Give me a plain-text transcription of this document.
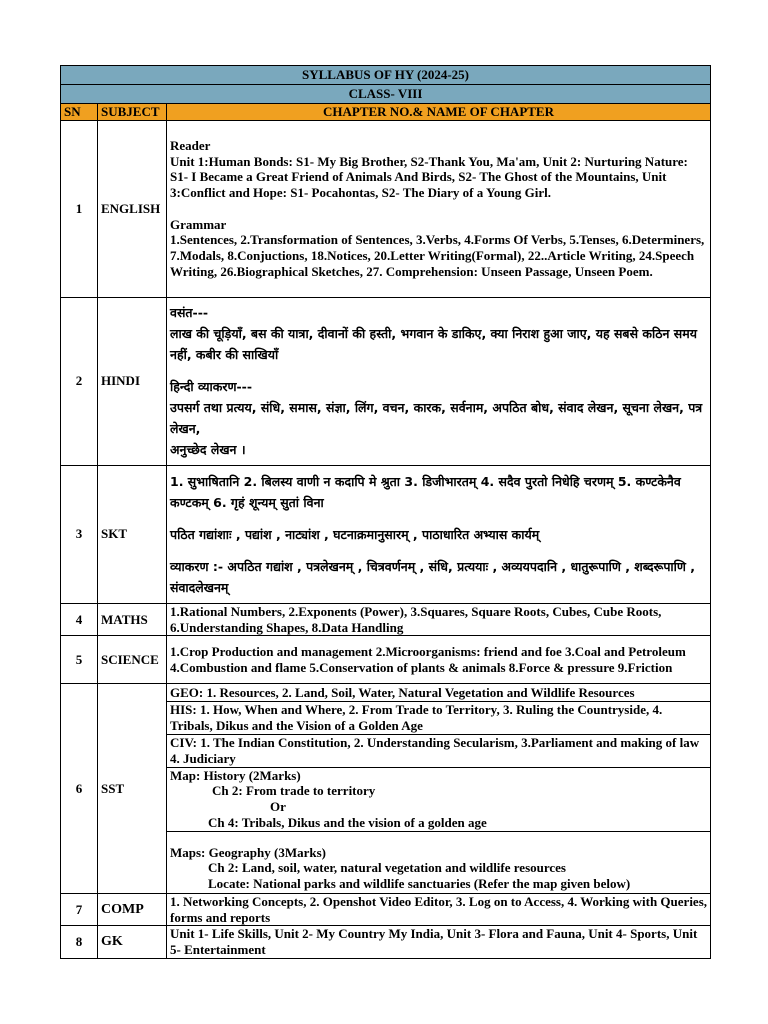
SYLLABUS OF HY (2024-25)		
CLASS- VIII		
SN	SUBJECT	CHAPTER NO.& NAME OF CHAPTER
1	ENGLISH	Reader
Unit 1:Human Bonds: S1- My Big Brother, S2-Thank You, Ma'am, Unit 2: Nurturing Nature: S1- I Became a Great Friend of Animals And Birds, S2- The Ghost of the Mountains, Unit 3:Conflict and Hope: S1- Pocahontas, S2- The Diary of a Young Girl.
Grammar
1.Sentences, 2.Transformation of Sentences, 3.Verbs, 4.Forms Of Verbs, 5.Tenses, 6.Determiners, 7.Modals, 8.Conjuctions, 18.Notices, 20.Letter Writing(Formal), 22..Article Writing, 24.Speech Writing, 26.Biographical Sketches, 27. Comprehension: Unseen Passage, Unseen Poem.

2	HINDI	वसंत---
लाख की चूड़ियाँ, बस की यात्रा, दीवानों की हस्ती, भगवान के डाकिए, क्या निराश हुआ जाए, यह सबसे कठिन समय नहीं, कबीर की साखियाँ
हिन्दी व्याकरण---
उपसर्ग तथा प्रत्यय, संधि, समास, संज्ञा, लिंग, वचन, कारक, सर्वनाम, अपठित बोध, संवाद लेखन, सूचना लेखन, पत्र लेखन,
अनुच्छेद लेखन ।

3	SKT	1. सुभाषितानि 2. बिलस्य वाणी न कदापि मे श्रुता 3. डिजीभारतम् 4. सदैव पुरतो निधेहि चरणम् 5. कण्टकेनैव कण्टकम् 6. गृहं शून्यम् सुतां विना
पठित गद्यांशाः , पद्यांश , नाट्यांश , घटनाक्रमानुसारम् , पाठाधारित अभ्यास कार्यम्
व्याकरण :- अपठित गद्यांश , पत्रलेखनम् , चित्रवर्णनम् , संधि, प्रत्ययाः , अव्ययपदानि , धातुरूपाणि , शब्दरूपाणि , संवादलेखनम्

4	MATHS	1.Rational Numbers, 2.Exponents (Power), 3.Squares, Square Roots, Cubes, Cube Roots, 6.Understanding Shapes, 8.Data Handling
5	SCIENCE	1.Crop Production and management 2.Microorganisms: friend and foe 3.Coal and Petroleum 4.Combustion and flame 5.Conservation of plants & animals 8.Force & pressure 9.Friction
6	SST	GEO: 1. Resources, 2. Land, Soil, Water, Natural Vegetation and Wildlife Resources
		HIS: 1. How, When and Where, 2. From Trade to Territory, 3. Ruling the Countryside, 4. Tribals, Dikus and the Vision of a Golden Age
		CIV: 1. The Indian Constitution, 2. Understanding Secularism, 3.Parliament and making of law 4. Judiciary

		Map: History (2Marks)
Ch 2: From trade to territory
Or
Ch 4: Tribals, Dikus and the vision of a golden age

		Maps: Geography (3Marks)
Ch 2: Land, soil, water, natural vegetation and wildlife resources
Locate: National parks and wildlife sanctuaries (Refer the map given below)

7	COMP	1. Networking Concepts, 2. Openshot Video Editor, 3. Log on to Access, 4. Working with Queries, forms and reports
8	GK	Unit 1- Life Skills, Unit 2- My Country My India, Unit 3- Flora and Fauna, Unit 4- Sports, Unit 5- Entertainment
